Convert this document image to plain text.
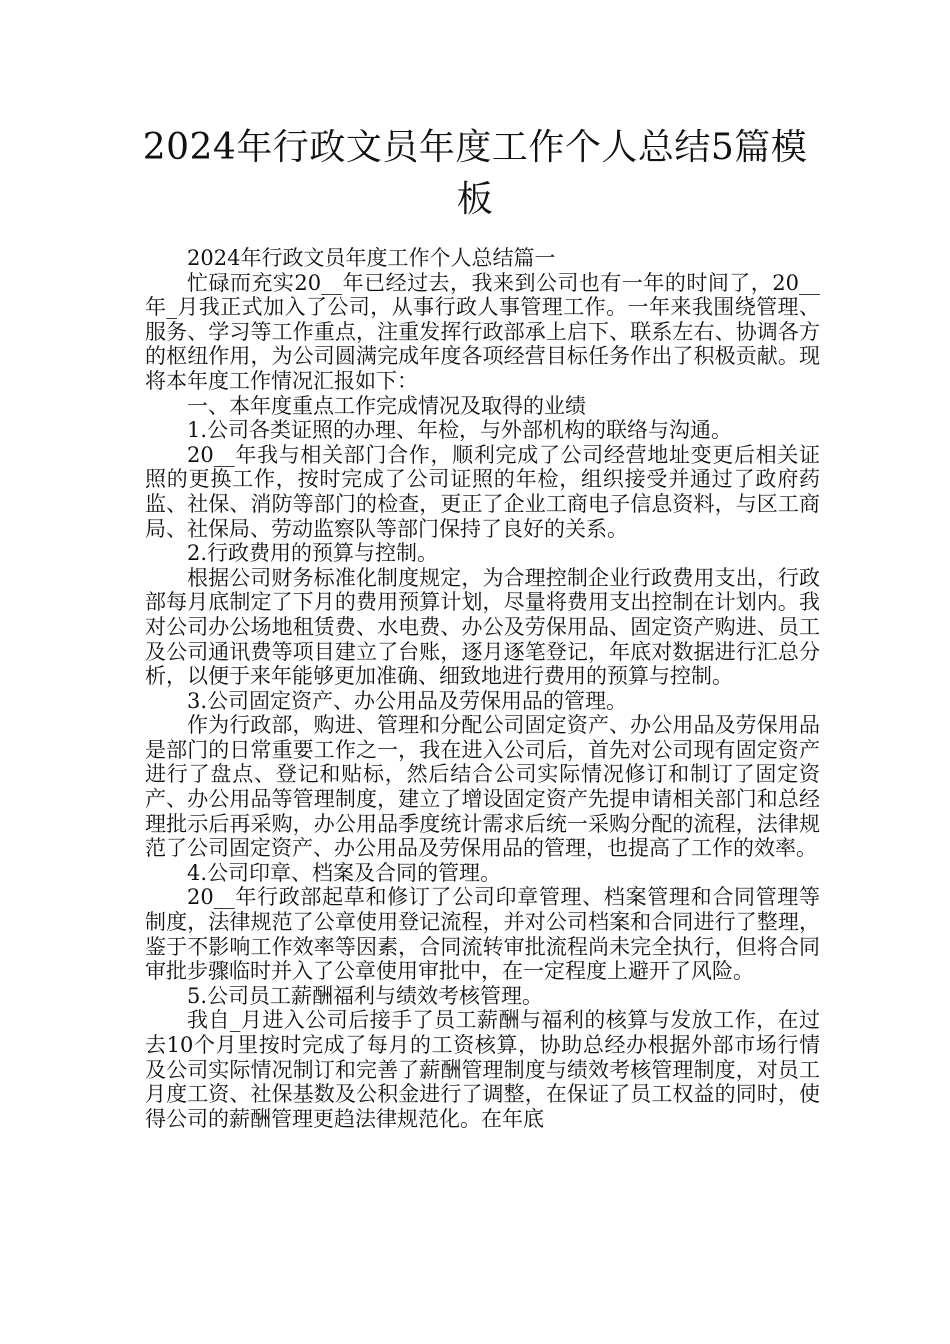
2024年行政文员年度工作个人总结5篇模板

2024年行政文员年度工作个人总结篇一

忙碌而充实20__年已经过去，我来到公司也有一年的时间了，20__年_月我正式加入了公司，从事行政人事管理工作。一年来我围绕管理、服务、学习等工作重点，注重发挥行政部承上启下、联系左右、协调各方的枢纽作用，为公司圆满完成年度各项经营目标任务作出了积极贡献。现将本年度工作情况汇报如下：

一、本年度重点工作完成情况及取得的业绩

1.公司各类证照的办理、年检，与外部机构的联络与沟通。

20__年我与相关部门合作，顺利完成了公司经营地址变更后相关证照的更换工作，按时完成了公司证照的年检，组织接受并通过了政府药监、社保、消防等部门的检查，更正了企业工商电子信息资料，与区工商局、社保局、劳动监察队等部门保持了良好的关系。

2.行政费用的预算与控制。

根据公司财务标准化制度规定，为合理控制企业行政费用支出，行政部每月底制定了下月的费用预算计划，尽量将费用支出控制在计划内。我对公司办公场地租赁费、水电费、办公及劳保用品、固定资产购进、员工及公司通讯费等项目建立了台账，逐月逐笔登记，年底对数据进行汇总分析，以便于来年能够更加准确、细致地进行费用的预算与控制。

3.公司固定资产、办公用品及劳保用品的管理。

作为行政部，购进、管理和分配公司固定资产、办公用品及劳保用品是部门的日常重要工作之一，我在进入公司后，首先对公司现有固定资产进行了盘点、登记和贴标，然后结合公司实际情况修订和制订了固定资产、办公用品等管理制度，建立了增设固定资产先提申请相关部门和总经理批示后再采购，办公用品季度统计需求后统一采购分配的流程，法律规范了公司固定资产、办公用品及劳保用品的管理，也提高了工作的效率。

4.公司印章、档案及合同的管理。

20__年行政部起草和修订了公司印章管理、档案管理和合同管理等制度，法律规范了公章使用登记流程，并对公司档案和合同进行了整理，鉴于不影响工作效率等因素，合同流转审批流程尚未完全执行，但将合同审批步骤临时并入了公章使用审批中，在一定程度上避开了风险。

5.公司员工薪酬福利与绩效考核管理。

我自_月进入公司后接手了员工薪酬与福利的核算与发放工作，在过去10个月里按时完成了每月的工资核算，协助总经办根据外部市场行情及公司实际情况制订和完善了薪酬管理制度与绩效考核管理制度，对员工月度工资、社保基数及公积金进行了调整，在保证了员工权益的同时，使得公司的薪酬管理更趋法律规范化。在年底
